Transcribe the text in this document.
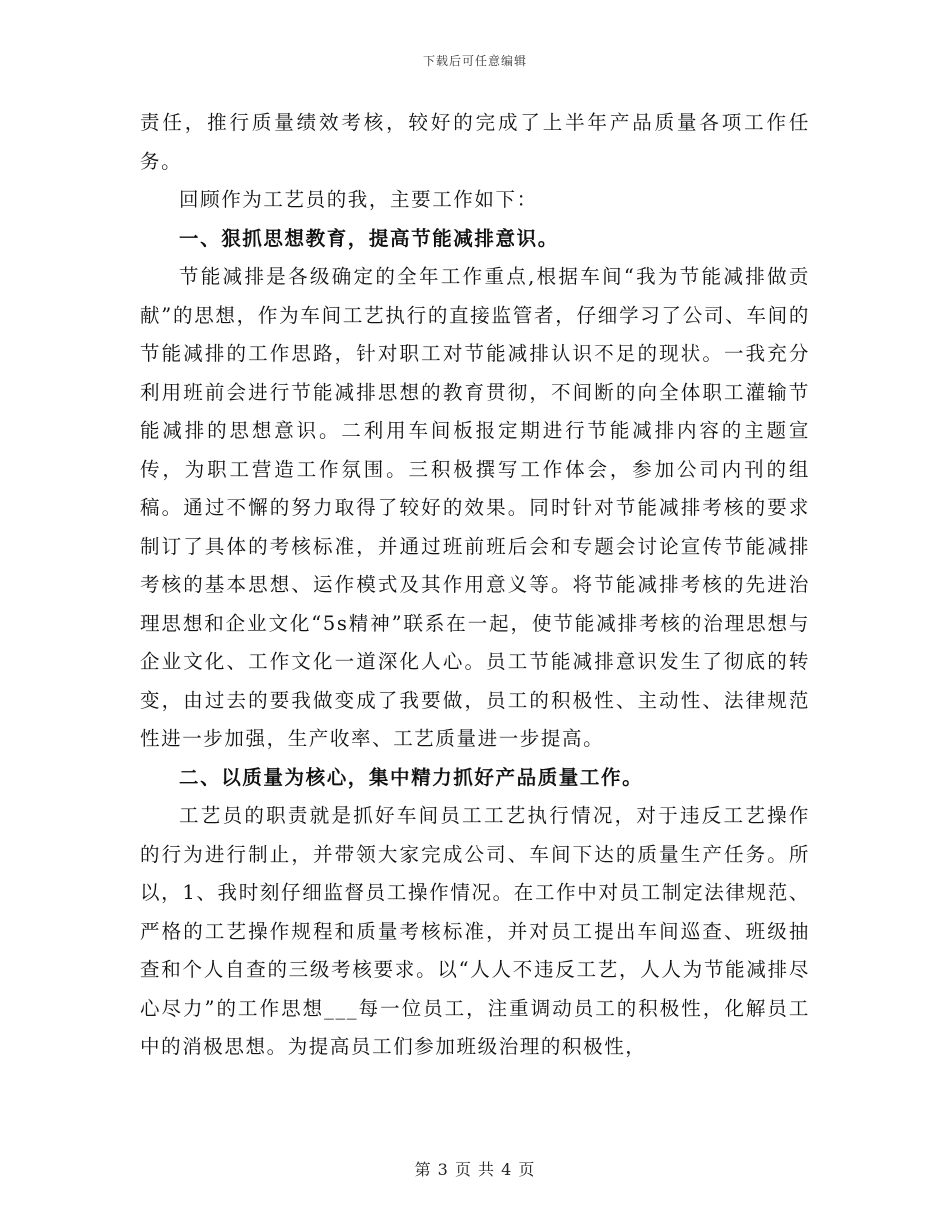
下载后可任意编辑

责任，推行质量绩效考核，较好的完成了上半年产品质量各项工作任务。

回顾作为工艺员的我，主要工作如下：

一、狠抓思想教育，提高节能减排意识。

节能减排是各级确定的全年工作重点,根据车间“我为节能减排做贡献”的思想，作为车间工艺执行的直接监管者，仔细学习了公司、车间的节能减排的工作思路，针对职工对节能减排认识不足的现状。一我充分利用班前会进行节能减排思想的教育贯彻，不间断的向全体职工灌输节能减排的思想意识。二利用车间板报定期进行节能减排内容的主题宣传，为职工营造工作氛围。三积极撰写工作体会，参加公司内刊的组稿。通过不懈的努力取得了较好的效果。同时针对节能减排考核的要求制订了具体的考核标准，并通过班前班后会和专题会讨论宣传节能减排考核的基本思想、运作模式及其作用意义等。将节能减排考核的先进治理思想和企业文化“5s精神”联系在一起，使节能减排考核的治理思想与企业文化、工作文化一道深化人心。员工节能减排意识发生了彻底的转变，由过去的要我做变成了我要做，员工的积极性、主动性、法律规范性进一步加强，生产收率、工艺质量进一步提高。

二、以质量为核心，集中精力抓好产品质量工作。

工艺员的职责就是抓好车间员工工艺执行情况，对于违反工艺操作的行为进行制止，并带领大家完成公司、车间下达的质量生产任务。所以，1、我时刻仔细监督员工操作情况。在工作中对员工制定法律规范、严格的工艺操作规程和质量考核标准，并对员工提出车间巡查、班级抽查和个人自查的三级考核要求。以“人人不违反工艺，人人为节能减排尽心尽力”的工作思想___每一位员工，注重调动员工的积极性，化解员工中的消极思想。为提高员工们参加班级治理的积极性，

第 3 页 共 4 页
